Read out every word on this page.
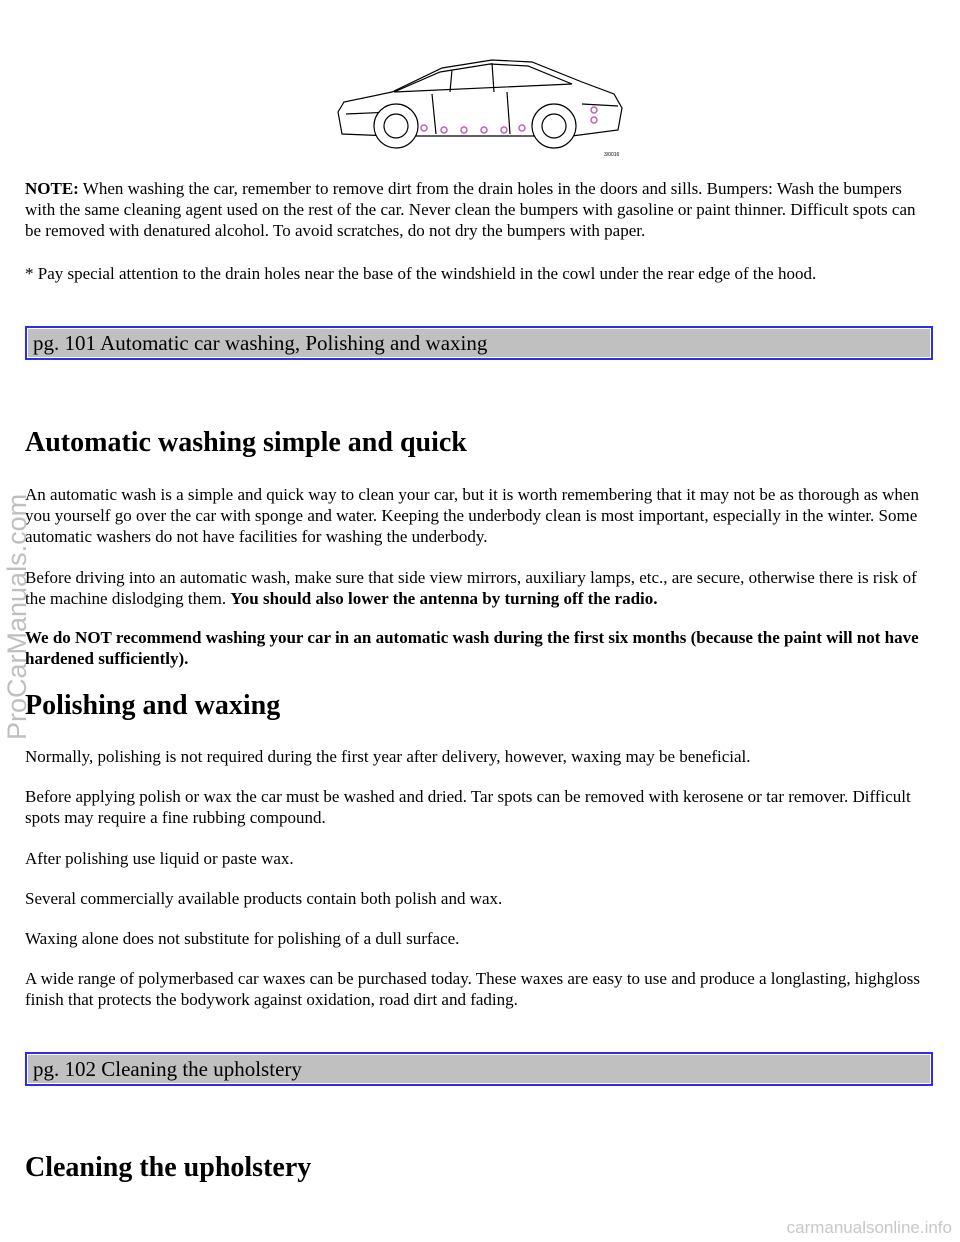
3/0016

NOTE: When washing the car, remember to remove dirt from the drain holes in the doors and sills. Bumpers: Wash the bumpers with the same cleaning agent used on the rest of the car. Never clean the bumpers with gasoline or paint thinner. Difficult spots can be removed with denatured alcohol. To avoid scratches, do not dry the bumpers with paper.

* Pay special attention to the drain holes near the base of the windshield in the cowl under the rear edge of the hood.

pg. 101 Automatic car washing, Polishing and waxing
Automatic washing simple and quick

An automatic wash is a simple and quick way to clean your car, but it is worth remembering that it may not be as thorough as when you yourself go over the car with sponge and water. Keeping the underbody clean is most important, especially in the winter. Some automatic washers do not have facilities for washing the underbody.

Before driving into an automatic wash, make sure that side view mirrors, auxiliary lamps, etc., are secure, otherwise there is risk of the machine dislodging them. You should also lower the antenna by turning off the radio.

We do NOT recommend washing your car in an automatic wash during the first six months (because the paint will not have hardened sufficiently).

Polishing and waxing

Normally, polishing is not required during the first year after delivery, however, waxing may be beneficial.

Before applying polish or wax the car must be washed and dried. Tar spots can be removed with kerosene or tar remover. Difficult spots may require a fine rubbing compound.

After polishing use liquid or paste wax.

Several commercially available products contain both polish and wax.

Waxing alone does not substitute for polishing of a dull surface.

A wide range of polymerbased car waxes can be purchased today. These waxes are easy to use and produce a longlasting, highgloss finish that protects the bodywork against oxidation, road dirt and fading.

pg. 102 Cleaning the upholstery
Cleaning the upholstery
ProCarManuals.com
carmanualsonline.info
